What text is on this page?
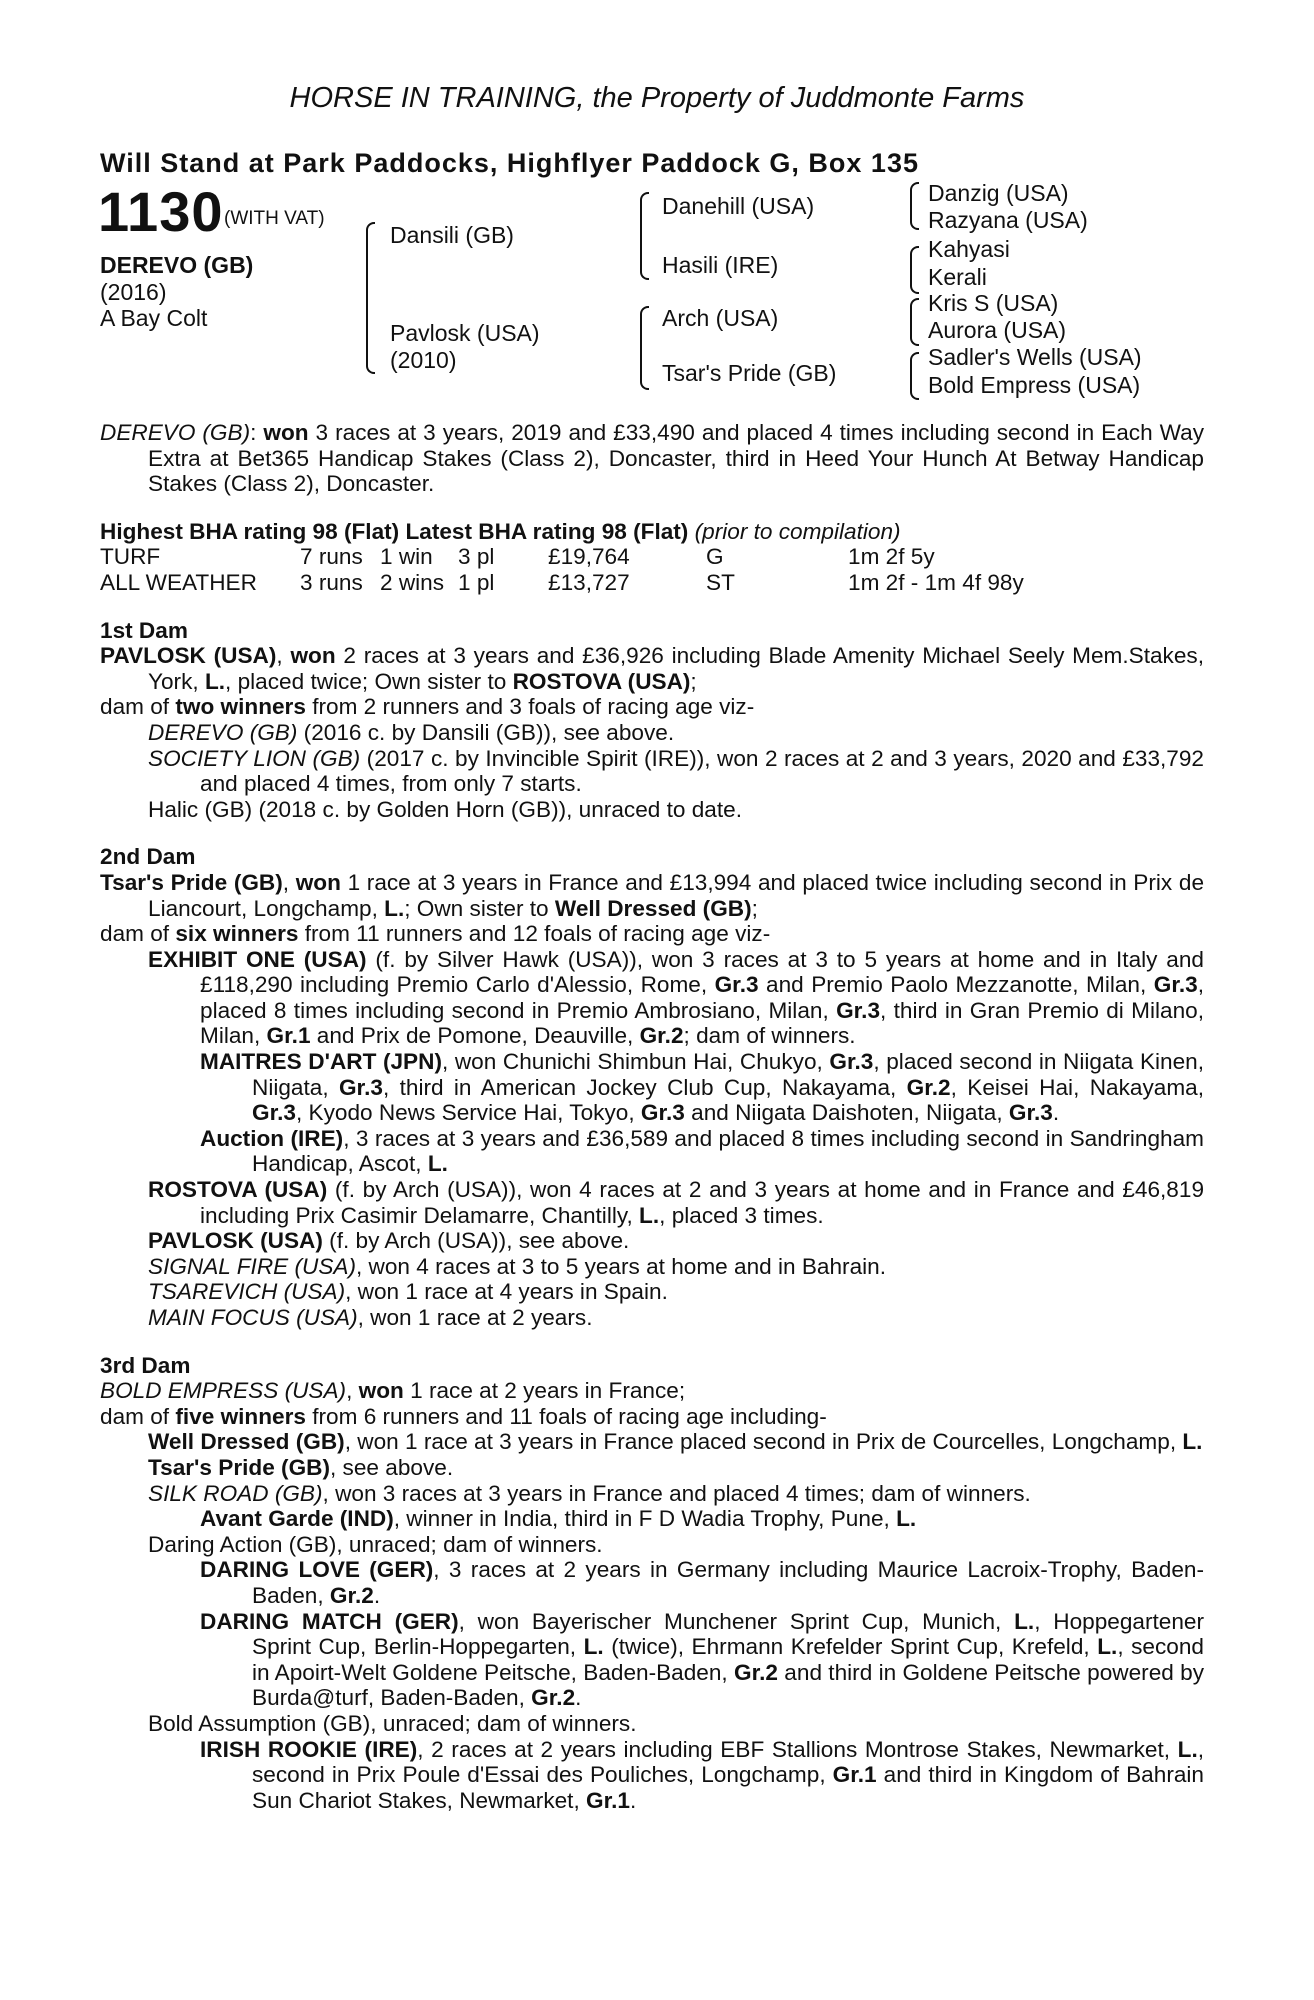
HORSE IN TRAINING, the Property of Juddmonte Farms
Will Stand at Park Paddocks, Highflyer Paddock G, Box 135
1130 (WITH VAT)
DEREVO (GB)
(2016)
A Bay Colt
Dansili (GB)
Pavlosk (USA)
(2010)
Danehill (USA)
Hasili (IRE)
Arch (USA)
Tsar's Pride (GB)
Danzig (USA)
Razyana (USA)
Kahyasi
Kerali
Kris S (USA)
Aurora (USA)
Sadler's Wells (USA)
Bold Empress (USA)

DEREVO (GB): won 3 races at 3 years, 2019 and £33,490 and placed 4 times including second in Each Way Extra at Bet365 Handicap Stakes (Class 2), Doncaster, third in Heed Your Hunch At Betway Handicap Stakes (Class 2), Doncaster.

Highest BHA rating 98 (Flat) Latest BHA rating 98 (Flat) (prior to compilation)
TURF	7 runs	1 win	3 pl	£19,764	G	1m 2f 5y
ALL WEATHER	3 runs	2 wins	1 pl	£13,727	ST	1m 2f - 1m 4f 98y
1st Dam

PAVLOSK (USA), won 2 races at 3 years and £36,926 including Blade Amenity Michael Seely Mem.Stakes, York, L., placed twice; Own sister to ROSTOVA (USA);

dam of two winners from 2 runners and 3 foals of racing age viz-

DEREVO (GB) (2016 c. by Dansili (GB)), see above.

SOCIETY LION (GB) (2017 c. by Invincible Spirit (IRE)), won 2 races at 2 and 3 years, 2020 and £33,792 and placed 4 times, from only 7 starts.

Halic (GB) (2018 c. by Golden Horn (GB)), unraced to date.

2nd Dam

Tsar's Pride (GB), won 1 race at 3 years in France and £13,994 and placed twice including second in Prix de Liancourt, Longchamp, L.; Own sister to Well Dressed (GB);

dam of six winners from 11 runners and 12 foals of racing age viz-

EXHIBIT ONE (USA) (f. by Silver Hawk (USA)), won 3 races at 3 to 5 years at home and in Italy and £118,290 including Premio Carlo d'Alessio, Rome, Gr.3 and Premio Paolo Mezzanotte, Milan, Gr.3, placed 8 times including second in Premio Ambrosiano, Milan, Gr.3, third in Gran Premio di Milano, Milan, Gr.1 and Prix de Pomone, Deauville, Gr.2; dam of winners.

MAITRES D'ART (JPN), won Chunichi Shimbun Hai, Chukyo, Gr.3, placed second in Niigata Kinen, Niigata, Gr.3, third in American Jockey Club Cup, Nakayama, Gr.2, Keisei Hai, Nakayama, Gr.3, Kyodo News Service Hai, Tokyo, Gr.3 and Niigata Daishoten, Niigata, Gr.3.

Auction (IRE), 3 races at 3 years and £36,589 and placed 8 times including second in Sandringham Handicap, Ascot, L.

ROSTOVA (USA) (f. by Arch (USA)), won 4 races at 2 and 3 years at home and in France and £46,819 including Prix Casimir Delamarre, Chantilly, L., placed 3 times.

PAVLOSK (USA) (f. by Arch (USA)), see above.

SIGNAL FIRE (USA), won 4 races at 3 to 5 years at home and in Bahrain.

TSAREVICH (USA), won 1 race at 4 years in Spain.

MAIN FOCUS (USA), won 1 race at 2 years.

3rd Dam

BOLD EMPRESS (USA), won 1 race at 2 years in France;

dam of five winners from 6 runners and 11 foals of racing age including-

Well Dressed (GB), won 1 race at 3 years in France placed second in Prix de Courcelles, Longchamp, L.

Tsar's Pride (GB), see above.

SILK ROAD (GB), won 3 races at 3 years in France and placed 4 times; dam of winners.

Avant Garde (IND), winner in India, third in F D Wadia Trophy, Pune, L.

Daring Action (GB), unraced; dam of winners.

DARING LOVE (GER), 3 races at 2 years in Germany including Maurice Lacroix-Trophy, Baden-Baden, Gr.2.

DARING MATCH (GER), won Bayerischer Munchener Sprint Cup, Munich, L., Hoppegartener Sprint Cup, Berlin-Hoppegarten, L. (twice), Ehrmann Krefelder Sprint Cup, Krefeld, L., second in Apoirt-Welt Goldene Peitsche, Baden-Baden, Gr.2 and third in Goldene Peitsche powered by Burda@turf, Baden-Baden, Gr.2.

Bold Assumption (GB), unraced; dam of winners.

IRISH ROOKIE (IRE), 2 races at 2 years including EBF Stallions Montrose Stakes, Newmarket, L., second in Prix Poule d'Essai des Pouliches, Longchamp, Gr.1 and third in Kingdom of Bahrain Sun Chariot Stakes, Newmarket, Gr.1.
